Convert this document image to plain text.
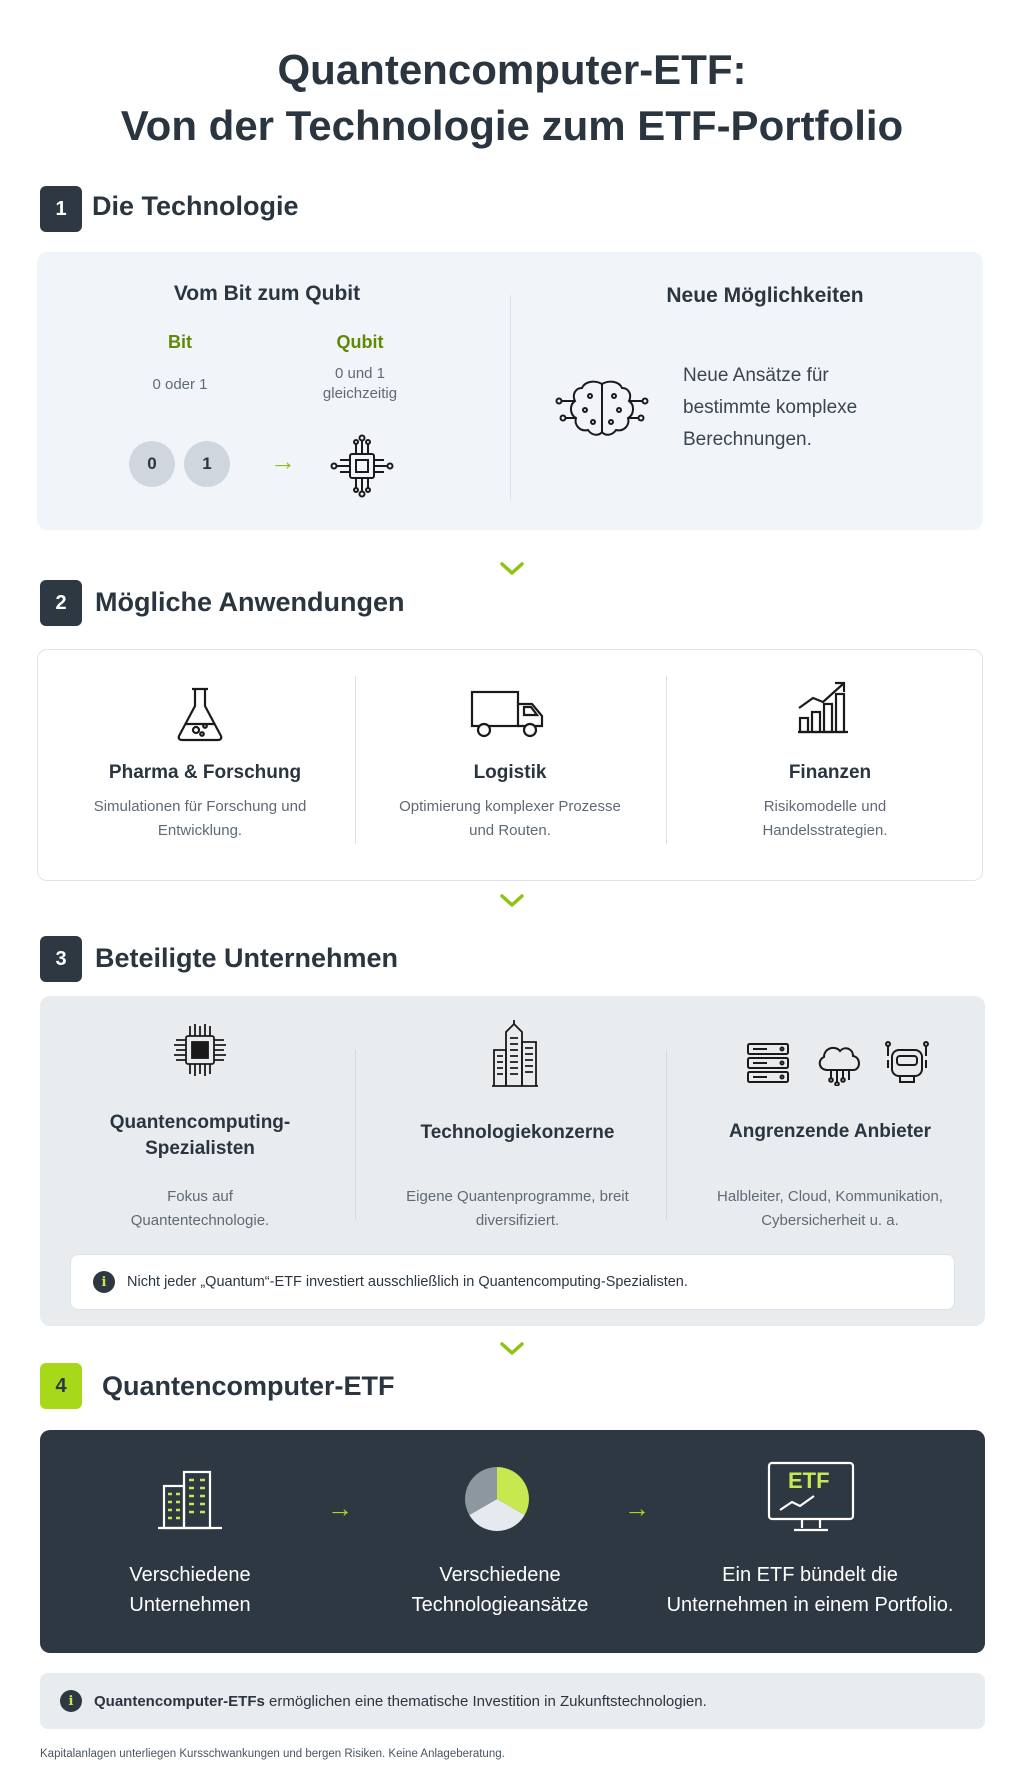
Quantencomputer-ETF:
Von der Technologie zum ETF-Portfolio
1 Die Technologie
Vom Bit zum Qubit
Bit
0 oder 1
Qubit
0 und 1
gleichzeitig
0	1	→
Neue Möglichkeiten
Neue Ansätze für
bestimmte komplexe
Berechnungen.
2	Mögliche Anwendungen
Pharma & Forschung
Simulationen für Forschung und
Entwicklung.
Logistik
Optimierung komplexer Prozesse
und Routen.
Finanzen
Risikomodelle und
Handelsstrategien.
3	Beteiligte Unternehmen
Quantencomputing-
Spezialisten
Fokus auf
Quantentechnologie.
Technologiekonzerne
Eigene Quantenprogramme, breit
diversifiziert.
Angrenzende Anbieter
Halbleiter, Cloud, Kommunikation,
Cybersicherheit u. a.
i	Nicht jeder „Quantum“-ETF investiert ausschließlich in Quantencomputing-Spezialisten.
4	Quantencomputer-ETF
→	→
ETF
Verschiedene
Unternehmen
Verschiedene
Technologieansätze
Ein ETF bündelt die
Unternehmen in einem Portfolio.
i	Quantencomputer-ETFs ermöglichen eine thematische Investition in Zukunftstechnologien.
Kapitalanlagen unterliegen Kursschwankungen und bergen Risiken. Keine Anlageberatung.
